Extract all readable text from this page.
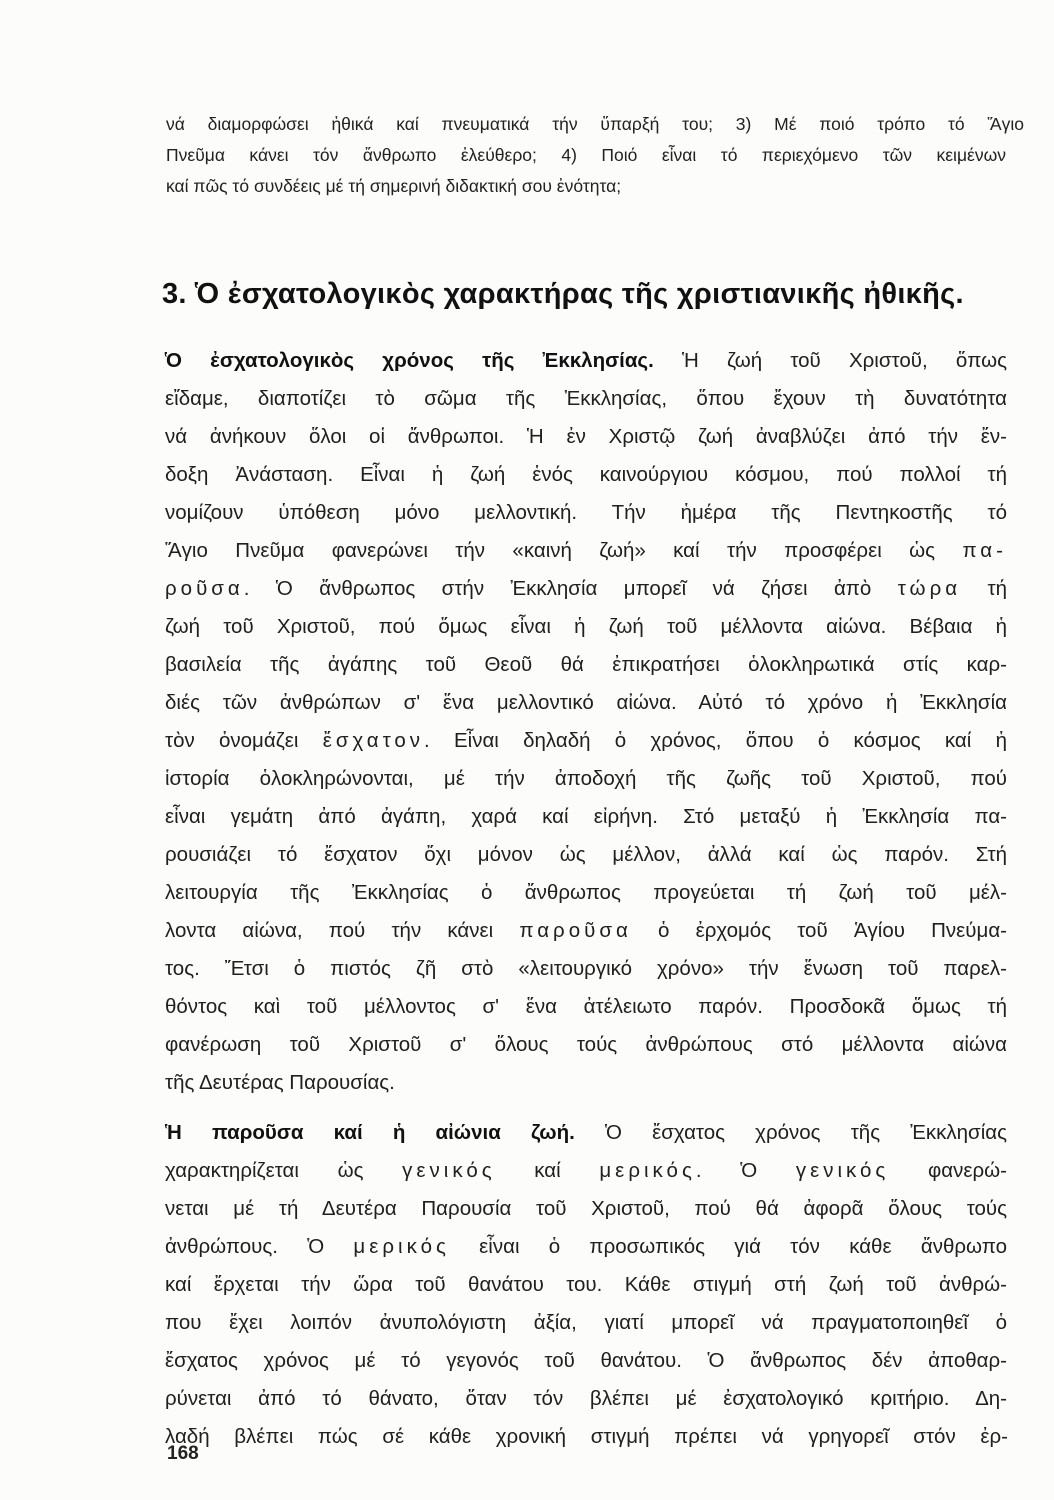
νά διαμορφώσει ἠθικά καί πνευματικά τήν ὕπαρξή του; 3) Μέ ποιό τρόπο τό Ἅγιο
Πνεῦμα κάνει τόν ἄνθρωπο ἐλεύθερο; 4) Ποιό εἶναι τό περιεχόμενο τῶν κειμένων
καί πῶς τό συνδέεις μέ τή σημερινή διδακτική σου ἐνότητα;
3. Ὁ ἐσχατολογικὸς χαρακτήρας τῆς χριστιανικῆς ἠθικῆς.
Ὁ ἐσχατολογικὸς χρόνος τῆς Ἐκκλησίας. Ἡ ζωή τοῦ Χριστοῦ, ὅπως
εἴδαμε, διαποτίζει τὸ σῶμα τῆς Ἐκκλησίας, ὅπου ἔχουν τὴ δυνατότητα
νά ἀνήκουν ὅλοι οἱ ἄνθρωποι. Ἡ ἐν Χριστῷ ζωή ἀναβλύζει ἀπό τήν ἔν-
δοξη Ἀνάσταση. Εἶναι ἡ ζωή ἑνός καινούργιου κόσμου, πού πολλοί τή
νομίζουν ὑπόθεση μόνο μελλοντική. Τήν ἡμέρα τῆς Πεντηκοστῆς τό
Ἅγιο Πνεῦμα φανερώνει τήν «καινή ζωή» καί τήν προσφέρει ὡς πα-
ροῦσα. Ὁ ἄνθρωπος στήν Ἐκκλησία μπορεῖ νά ζήσει ἀπὸ τώρα τή
ζωή τοῦ Χριστοῦ, πού ὅμως εἶναι ἡ ζωή τοῦ μέλλοντα αἰώνα. Βέβαια ἡ
βασιλεία τῆς ἀγάπης τοῦ Θεοῦ θά ἐπικρατήσει ὁλοκληρωτικά στίς καρ-
διές τῶν ἀνθρώπων σ' ἕνα μελλοντικό αἰώνα. Αὐτό τό χρόνο ἡ Ἐκκλησία
τὸν ὀνομάζει ἔσχατον. Εἶναι δηλαδή ὁ χρόνος, ὅπου ὁ κόσμος καί ἡ
ἱστορία ὁλοκληρώνονται, μέ τήν ἀποδοχή τῆς ζωῆς τοῦ Χριστοῦ, πού
εἶναι γεμάτη ἀπό ἀγάπη, χαρά καί εἰρήνη. Στό μεταξύ ἡ Ἐκκλησία πα-
ρουσιάζει τό ἔσχατον ὄχι μόνον ὡς μέλλον, ἀλλά καί ὡς παρόν. Στή
λειτουργία τῆς Ἐκκλησίας ὁ ἄνθρωπος προγεύεται τή ζωή τοῦ μέλ-
λοντα αἰώνα, πού τήν κάνει παροῦσα ὁ ἐρχομός τοῦ Ἁγίου Πνεύμα-
τος. Ἔτσι ὁ πιστός ζῆ στὸ «λειτουργικό χρόνο» τήν ἕνωση τοῦ παρελ-
θόντος καὶ τοῦ μέλλοντος σ' ἕνα ἀτέλειωτο παρόν. Προσδοκᾶ ὅμως τή
φανέρωση τοῦ Χριστοῦ σ' ὅλους τούς ἀνθρώπους στό μέλλοντα αἰώνα
τῆς Δευτέρας Παρουσίας.
Ἡ παροῦσα καί ἡ αἰώνια ζωή. Ὁ ἔσχατος χρόνος τῆς Ἐκκλησίας
χαρακτηρίζεται ὡς γενικός καί μερικός. Ὁ γενικός φανερώ-
νεται μέ τή Δευτέρα Παρουσία τοῦ Χριστοῦ, πού θά ἀφορᾶ ὅλους τούς
ἀνθρώπους. Ὁ μερικός εἶναι ὁ προσωπικός γιά τόν κάθε ἄνθρωπο
καί ἔρχεται τήν ὥρα τοῦ θανάτου του. Κάθε στιγμή στή ζωή τοῦ ἀνθρώ-
που ἔχει λοιπόν ἀνυπολόγιστη ἀξία, γιατί μπορεῖ νά πραγματοποιηθεῖ ὁ
ἔσχατος χρόνος μέ τό γεγονός τοῦ θανάτου. Ὁ ἄνθρωπος δέν ἀποθαρ-
ρύνεται ἀπό τό θάνατο, ὅταν τόν βλέπει μέ ἐσχατολογικό κριτήριο. Δη-
λαδή βλέπει πώς σέ κάθε χρονική στιγμή πρέπει νά γρηγορεῖ στόν ἐρ-
168
